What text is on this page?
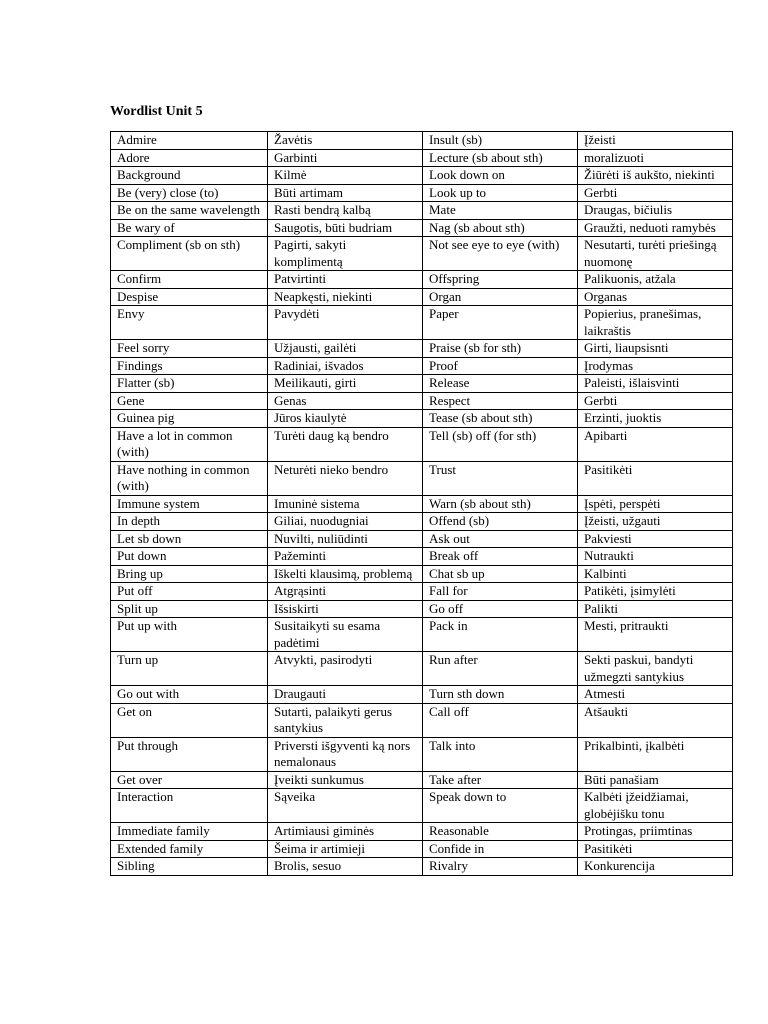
Wordlist Unit 5
Admire	Žavėtis	Insult (sb)	Įžeisti
Adore	Garbinti	Lecture (sb about sth)	moralizuoti
Background	Kilmė	Look down on	Žiūrėti iš aukšto, niekinti
Be (very) close (to)	Būti artimam	Look up to	Gerbti
Be on the same wavelength	Rasti bendrą kalbą	Mate	Draugas, bičiulis
Be wary of	Saugotis, būti budriam	Nag (sb about sth)	Graužti, neduoti ramybės
Compliment (sb on sth)	Pagirti, sakyti komplimentą	Not see eye to eye (with)	Nesutarti, turėti priešingą nuomonę
Confirm	Patvirtinti	Offspring	Palikuonis, atžala
Despise	Neapkęsti, niekinti	Organ	Organas
Envy	Pavydėti	Paper	Popierius, pranešimas, laikraštis
Feel sorry	Užjausti, gailėti	Praise (sb for sth)	Girti, liaupsisnti
Findings	Radiniai, išvados	Proof	Įrodymas
Flatter (sb)	Meilikauti, girti	Release	Paleisti, išlaisvinti
Gene	Genas	Respect	Gerbti
Guinea pig	Jūros kiaulytė	Tease (sb about sth)	Erzinti, juoktis
Have a lot in common (with)	Turėti daug ką bendro	Tell (sb) off (for sth)	Apibarti
Have nothing in common (with)	Neturėti nieko bendro	Trust	Pasitikėti
Immune system	Imuninė sistema	Warn (sb about sth)	Įspėti, perspėti
In depth	Giliai, nuodugniai	Offend (sb)	Įžeisti, užgauti
Let sb down	Nuvilti, nuliūdinti	Ask out	Pakviesti
Put down	Pažeminti	Break off	Nutraukti
Bring up	Iškelti klausimą, problemą	Chat sb up	Kalbinti
Put off	Atgrąsinti	Fall for	Patikėti, įsimylėti
Split up	Išsiskirti	Go off	Palikti
Put up with	Susitaikyti su esama padėtimi	Pack in	Mesti, pritraukti
Turn up	Atvykti, pasirodyti	Run after	Sekti paskui, bandyti užmegzti santykius
Go out with	Draugauti	Turn sth down	Atmesti
Get on	Sutarti, palaikyti gerus santykius	Call off	Atšaukti
Put through	Priversti išgyventi ką nors nemalonaus	Talk into	Prikalbinti, įkalbėti
Get over	Įveikti sunkumus	Take after	Būti panašiam
Interaction	Sąveika	Speak down to	Kalbėti įžeidžiamai, globėjišku tonu
Immediate family	Artimiausi giminės	Reasonable	Protingas, priimtinas
Extended family	Šeima ir artimieji	Confide in	Pasitikėti
Sibling	Brolis, sesuo	Rivalry	Konkurencija
